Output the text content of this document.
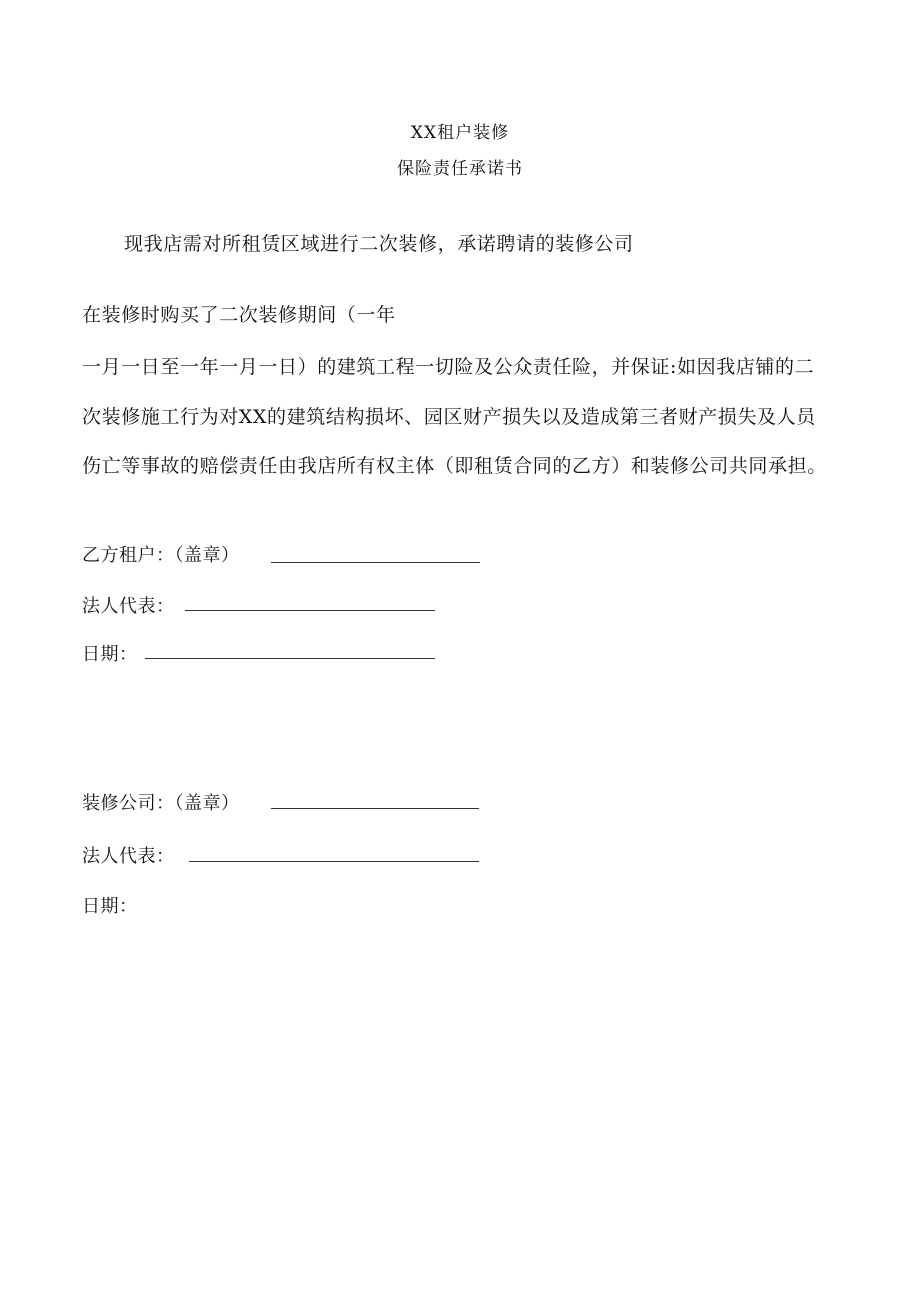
XX租户装修
保险责任承诺书
现我店需对所租赁区域进行二次装修，承诺聘请的装修公司
在装修时购买了二次装修期间（一年
一月一日至一年一月一日）的建筑工程一切险及公众责任险，并保证:如因我店铺的二
次装修施工行为对XX的建筑结构损坏、园区财产损失以及造成第三者财产损失及人员
伤亡等事故的赔偿责任由我店所有权主体（即租赁合同的乙方）和装修公司共同承担。
乙方租户：（盖章）
法人代表：
日期：
装修公司：（盖章）
法人代表：
日期：
